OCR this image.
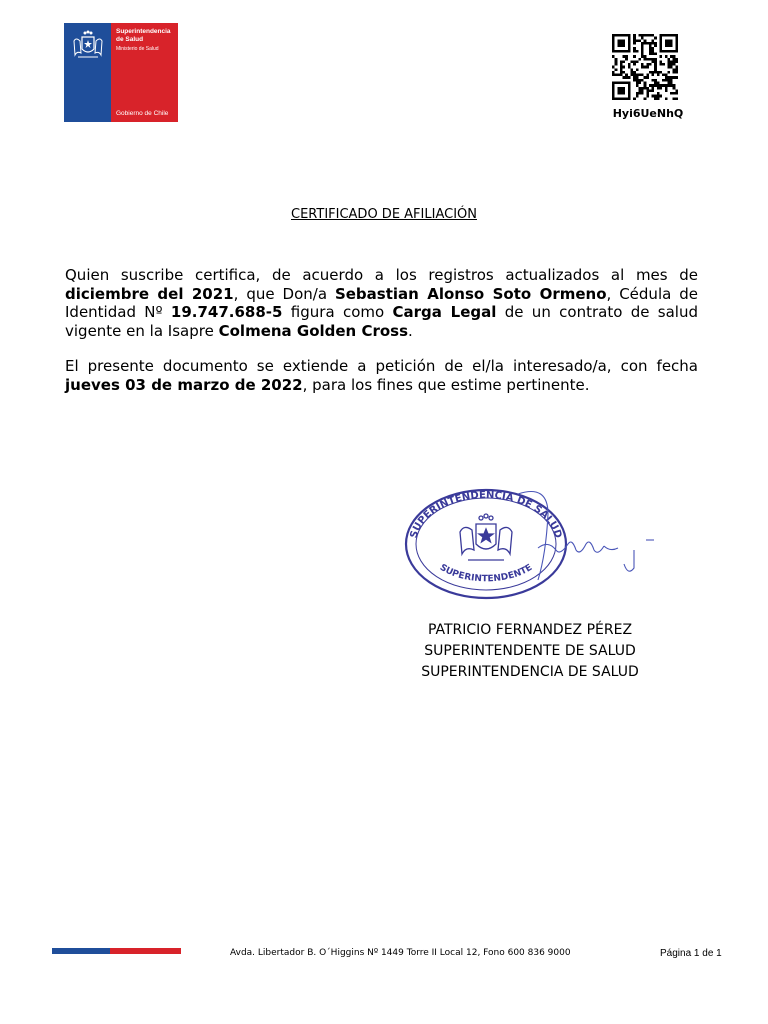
Superintendencia
de Salud
Ministerio de Salud
Gobierno de Chile	Hyi6UeNhQ
CERTIFICADO DE AFILIACIÓN
Quien suscribe certifica, de acuerdo a los registros actualizados al mes de diciembre del 2021, que Don/a Sebastian Alonso Soto Ormeno, Cédula de Identidad Nº 19.747.688-5 figura como Carga Legal de un contrato de salud vigente en la Isapre Colmena Golden Cross.
El presente documento se extiende a petición de el/la interesado/a, con fecha jueves 03 de marzo de 2022, para los fines que estime pertinente.
SUPERINTENDENCIA DE SALUD
SUPERINTENDENTE
PATRICIO FERNANDEZ PÉREZ
SUPERINTENDENTE DE SALUD
SUPERINTENDENCIA DE SALUD
Avda. Libertador B. O´Higgins Nº 1449 Torre II Local 12, Fono 600 836 9000	Página 1 de 1
